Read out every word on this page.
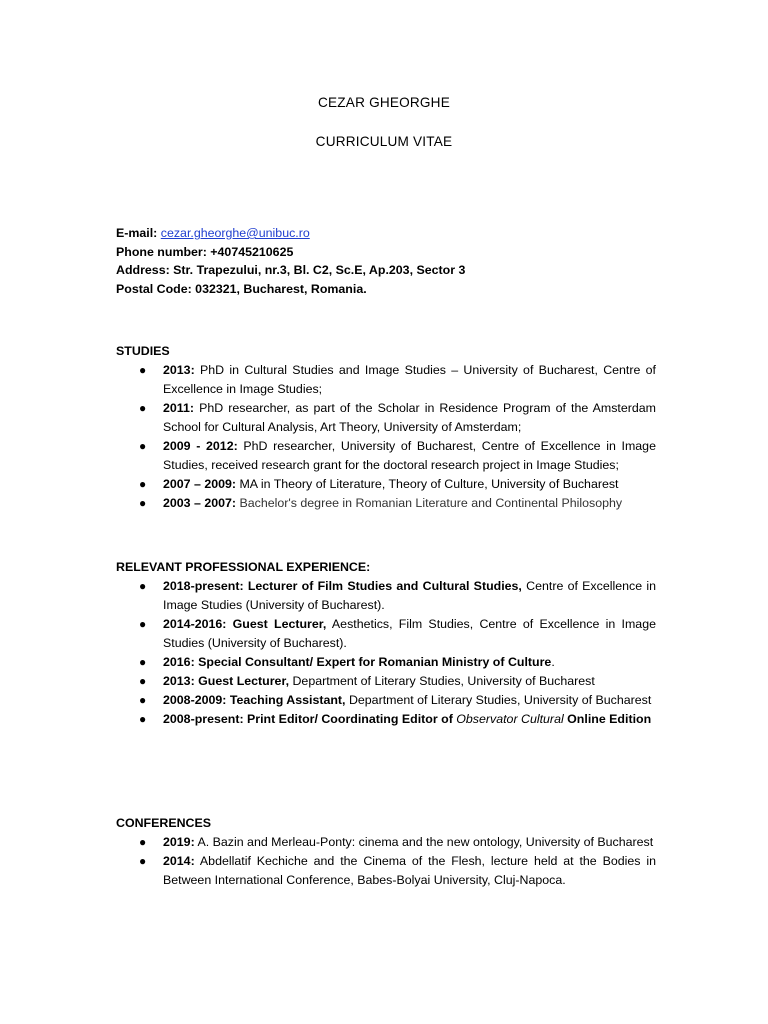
CEZAR GHEORGHE
CURRICULUM VITAE
E-mail: cezar.gheorghe@unibuc.ro
Phone number: +40745210625
Address: Str. Trapezului, nr.3, Bl. C2, Sc.E, Ap.203, Sector 3
Postal Code: 032321, Bucharest, Romania.
STUDIES
● 2013: PhD in Cultural Studies and Image Studies – University of Bucharest, Centre of Excellence in Image Studies;
● 2011: PhD researcher, as part of the Scholar in Residence Program of the Amsterdam School for Cultural Analysis, Art Theory, University of Amsterdam;
● 2009 - 2012: PhD researcher, University of Bucharest, Centre of Excellence in Image Studies, received research grant for the doctoral research project in Image Studies;
● 2007 – 2009: MA in Theory of Literature, Theory of Culture, University of Bucharest
● 2003 – 2007: Bachelor's degree in Romanian Literature and Continental Philosophy
RELEVANT PROFESSIONAL EXPERIENCE:
● 2018-present: Lecturer of Film Studies and Cultural Studies, Centre of Excellence in Image Studies (University of Bucharest).
● 2014-2016: Guest Lecturer, Aesthetics, Film Studies, Centre of Excellence in Image Studies (University of Bucharest).
● 2016: Special Consultant/ Expert for Romanian Ministry of Culture.
● 2013: Guest Lecturer, Department of Literary Studies, University of Bucharest
● 2008-2009: Teaching Assistant, Department of Literary Studies, University of Bucharest
● 2008-present: Print Editor/ Coordinating Editor of Observator Cultural Online Edition
CONFERENCES
● 2019: A. Bazin and Merleau-Ponty: cinema and the new ontology, University of Bucharest
● 2014: Abdellatif Kechiche and the Cinema of the Flesh, lecture held at the Bodies in Between International Conference, Babes-Bolyai University, Cluj-Napoca.
